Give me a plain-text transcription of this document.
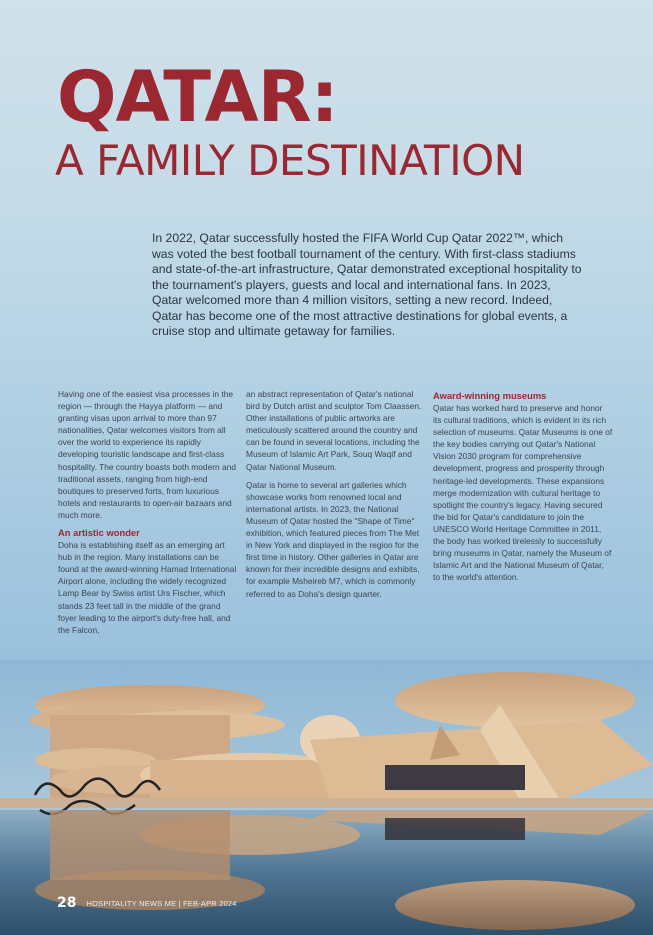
QATAR:
A FAMILY DESTINATION

In 2022, Qatar successfully hosted the FIFA World Cup Qatar 2022™, which was voted the best football tournament of the century. With first-class stadiums and state-of-the-art infrastructure, Qatar demonstrated exceptional hospitality to the tournament's players, guests and local and international fans. In 2023, Qatar welcomed more than 4 million visitors, setting a new record. Indeed, Qatar has become one of the most attractive destinations for global events, a cruise stop and ultimate getaway for families.

Having one of the easiest visa processes in the region — through the Hayya platform — and granting visas upon arrival to more than 97 nationalities, Qatar welcomes visitors from all over the world to experience its rapidly developing touristic landscape and first-class hospitality. The country boasts both modern and traditional assets, ranging from high-end boutiques to preserved forts, from luxurious hotels and restaurants to open-air bazaars and much more.

An artistic wonder

Doha is establishing itself as an emerging art hub in the region. Many installations can be found at the award-winning Hamad International Airport alone, including the widely recognized Lamp Bear by Swiss artist Urs Fischer, which stands 23 feet tall in the middle of the grand foyer leading to the airport's duty-free hall, and the Falcon,

an abstract representation of Qatar's national bird by Dutch artist and sculptor Tom Claassen. Other installations of public artworks are meticulously scattered around the country and can be found in several locations, including the Museum of Islamic Art Park, Souq Waqif and Qatar National Museum.

Qatar is home to several art galleries which showcase works from renowned local and international artists. In 2023, the National Museum of Qatar hosted the "Shape of Time" exhibition, which featured pieces from The Met in New York and displayed in the region for the first time in history. Other galleries in Qatar are known for their incredible designs and exhibits, for example Msheireb M7, which is commonly referred to as Doha's design quarter.

Award-winning museums

Qatar has worked hard to preserve and honor its cultural traditions, which is evident in its rich selection of museums. Qatar Museums is one of the key bodies carrying out Qatar's National Vision 2030 program for comprehensive development, progress and prosperity through heritage-led developments. These expansions merge modernization with cultural heritage to spotlight the country's legacy. Having secured the bid for Qatar's candidature to join the UNESCO World Heritage Committee in 2011, the body has worked tirelessly to successfully bring museums in Qatar, namely the Museum of Islamic Art and the National Museum of Qatar, to the world's attention.

28 HOSPITALITY NEWS ME | FEB-APR 2024
